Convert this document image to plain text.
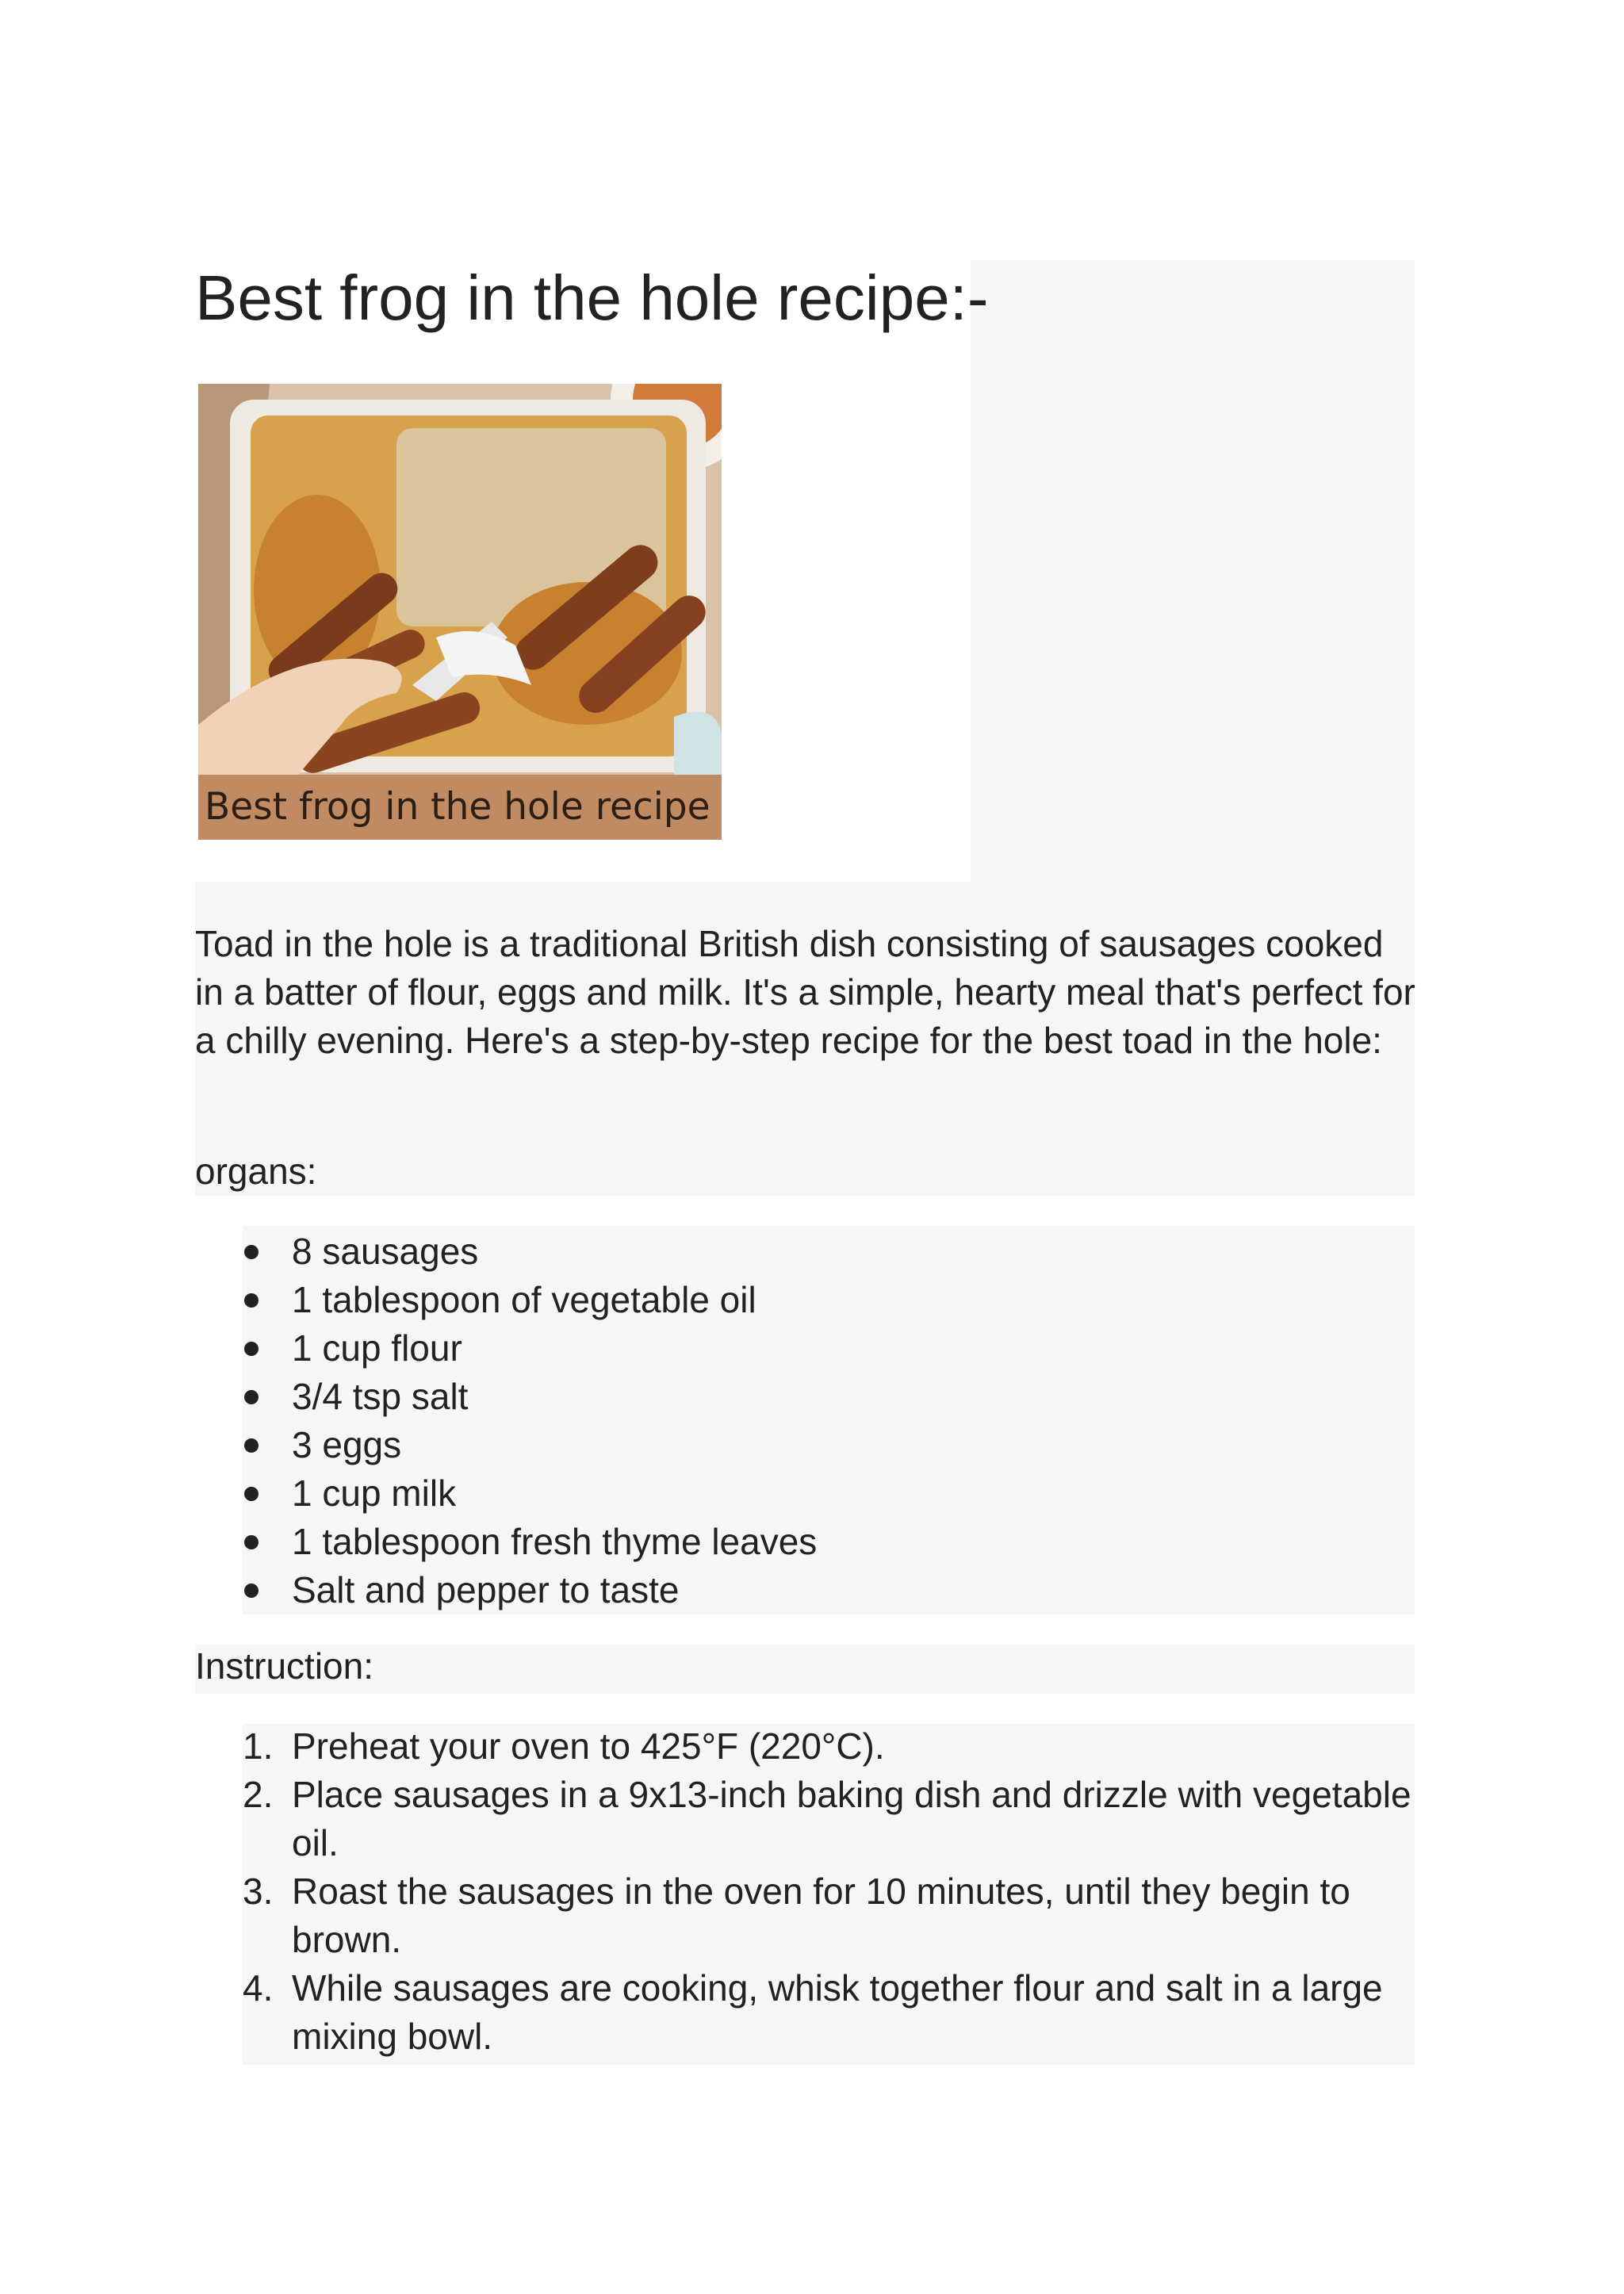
Best frog in the hole recipe:-
Best frog in the hole recipe

Toad in the hole is a traditional British dish consisting of sausages cooked in a batter of flour, eggs and milk. It's a simple, hearty meal that's perfect for a chilly evening. Here's a step-by-step recipe for the best toad in the hole:

organs:

8 sausages
1 tablespoon of vegetable oil
1 cup flour
3/4 tsp salt
3 eggs
1 cup milk
1 tablespoon fresh thyme leaves
Salt and pepper to taste

Instruction:

1. Preheat your oven to 425°F (220°C).
2. Place sausages in a 9x13-inch baking dish and drizzle with vegetable oil.
3. Roast the sausages in the oven for 10 minutes, until they begin to brown.
4. While sausages are cooking, whisk together flour and salt in a large mixing bowl.
